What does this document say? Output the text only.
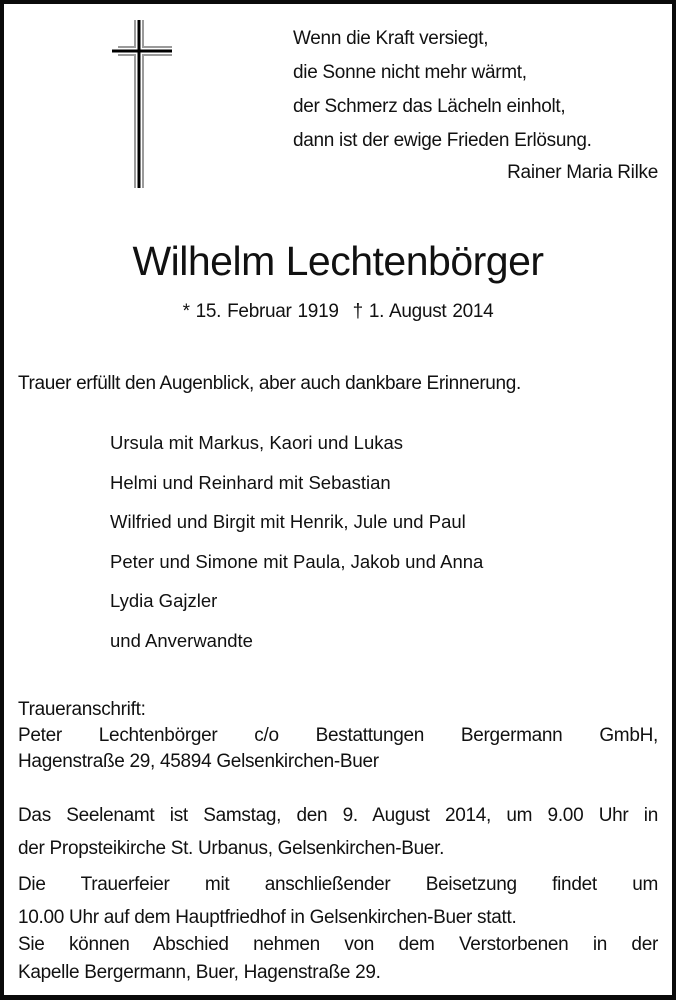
Wenn die Kraft versiegt,
die Sonne nicht mehr wärmt,
der Schmerz das Lächeln einholt,
dann ist der ewige Frieden Erlösung.
Rainer Maria Rilke
Wilhelm Lechtenbörger
* 15. Februar 1919 † 1. August 2014
Trauer erfüllt den Augenblick, aber auch dankbare Erinnerung.
Ursula mit Markus, Kaori und Lukas
Helmi und Reinhard mit Sebastian
Wilfried und Birgit mit Henrik, Jule und Paul
Peter und Simone mit Paula, Jakob und Anna
Lydia Gajzler
und Anverwandte
Traueranschrift:
Peter Lechtenbörger c/o Bestattungen Bergermann GmbH,
Hagenstraße 29, 45894 Gelsenkirchen-Buer
Das Seelenamt ist Samstag, den 9. August 2014, um 9.00 Uhr in
der Propsteikirche St. Urbanus, Gelsenkirchen-Buer.
Die Trauerfeier mit anschließender Beisetzung findet um
10.00 Uhr auf dem Hauptfriedhof in Gelsenkirchen-Buer statt.
Sie können Abschied nehmen von dem Verstorbenen in der
Kapelle Bergermann, Buer, Hagenstraße 29.
